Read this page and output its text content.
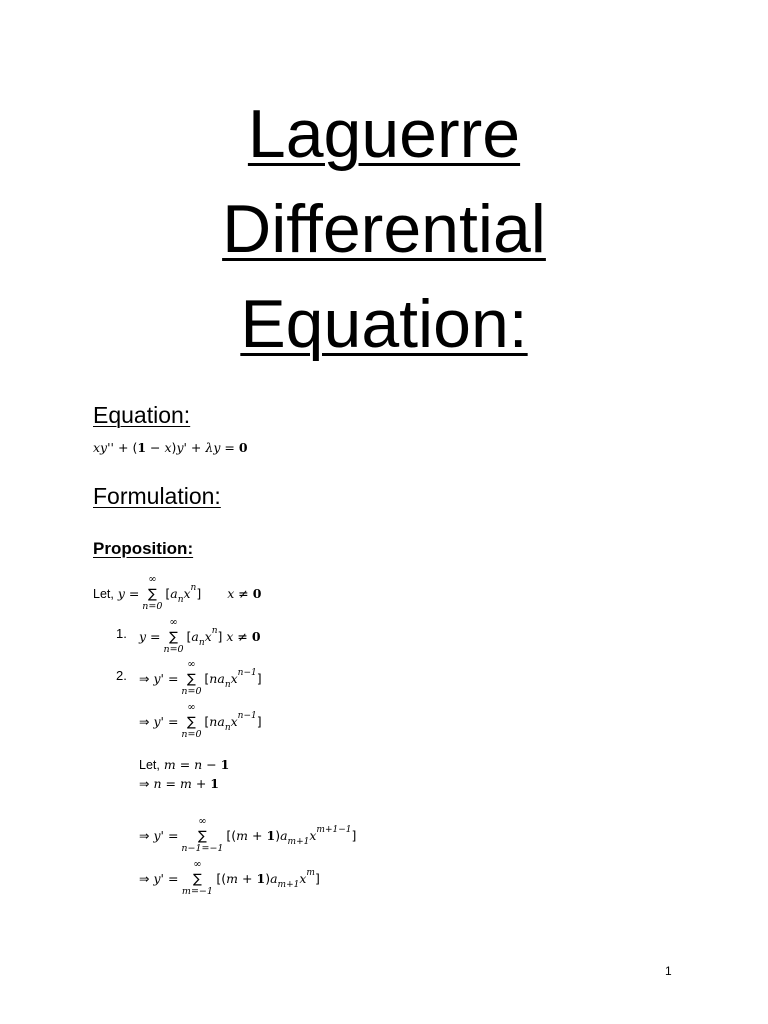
Laguerre
Differential
Equation:
Equation:
xy'' + (1 − x)y' + λy = 0
Formulation:
Proposition:
Let, y =
∞
∑
n=0
$[a_nx^n] x \ne 0$
1. y =
∞
∑
n=0
$[a_nx^n] x \ne 0$
2. ⇒ y' =
∞
∑
n=0
$[na_nx^{n-1}]$
⇒ y' =
∞
∑
n=0
$[na_nx^{n-1}]$
Let, m = n − 1
⇒ n = m + 1
⇒ y' =
∞
∑
n−1=−1
$[(m + 1)a_{m+1}x^{m+1-1}]$
⇒ y' =
∞
∑
m=−1
$[(m + 1)a_{m+1}x^m]$
1
